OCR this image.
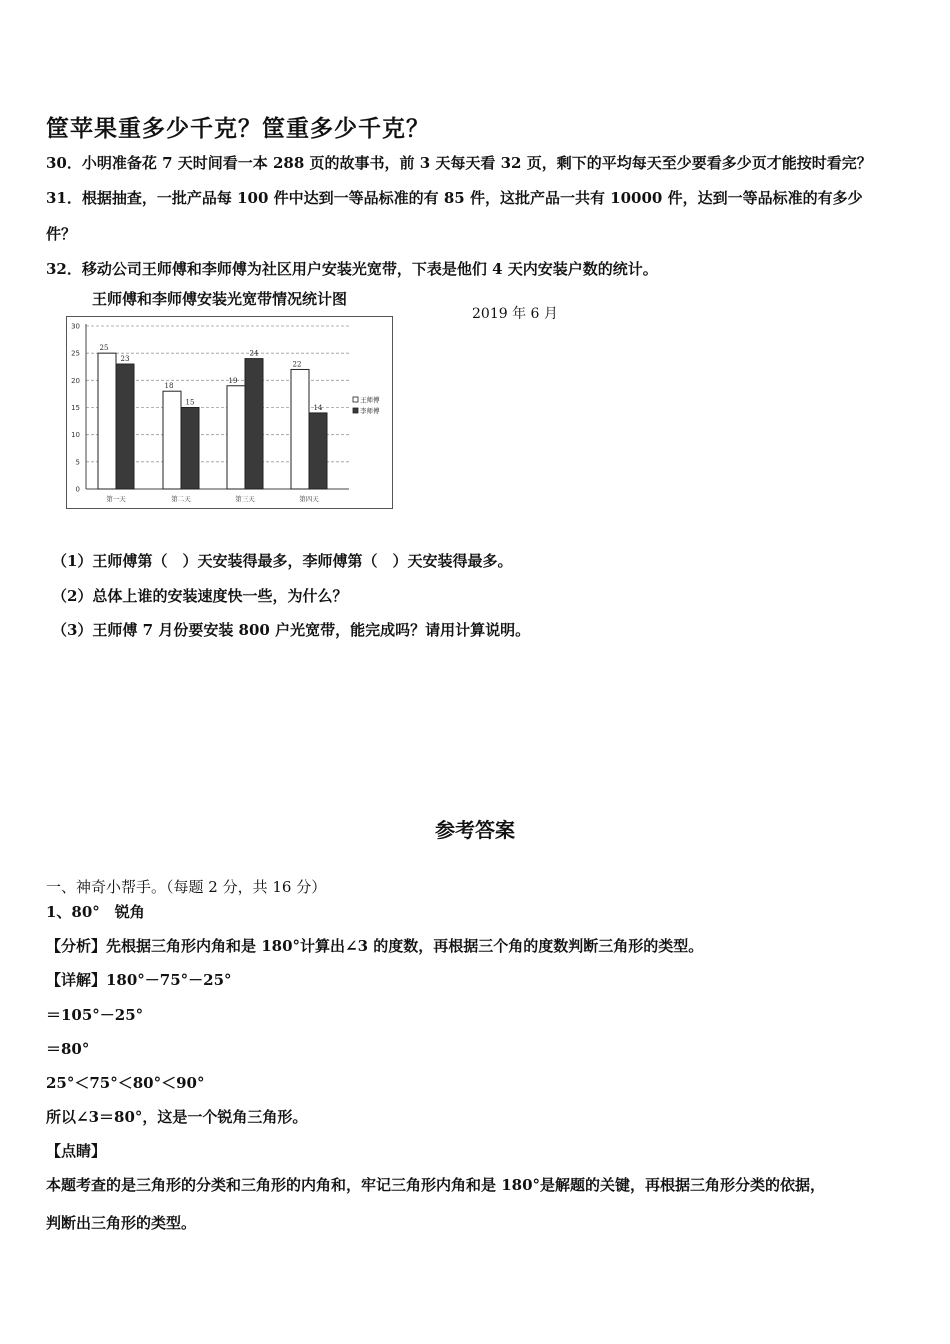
筐苹果重多少千克？筐重多少千克？
30．小明准备花 7 天时间看一本 288 页的故事书，前 3 天每天看 32 页，剩下的平均每天至少要看多少页才能按时看完？
31．根据抽查，一批产品每 100 件中达到一等品标准的有 85 件，这批产品一共有 10000 件，达到一等品标准的有多少
件？
32．移动公司王师傅和李师傅为社区用户安装光宽带，下表是他们 4 天内安装户数的统计。
王师傅和李师傅安装光宽带情况统计图
2019 年 6 月
0
5
10
15
20
25
30
25
23
第一天
18
15
第二天
19
24
第三天
22
14
第四天
王师傅
李师傅
（1）王师傅第（　）天安装得最多，李师傅第（　）天安装得最多。
（2）总体上谁的安装速度快一些，为什么？
（3）王师傅 7 月份要安装 800 户光宽带，能完成吗？请用计算说明。
参考答案
一、神奇小帮手。（每题 2 分，共 16 分）
1、80°　锐角
【分析】先根据三角形内角和是 180°计算出∠3 的度数，再根据三个角的度数判断三角形的类型。
【详解】180°－75°－25°
＝105°－25°
＝80°
25°＜75°＜80°＜90°
所以∠3＝80°，这是一个锐角三角形。
【点睛】
本题考查的是三角形的分类和三角形的内角和，牢记三角形内角和是 180°是解题的关键，再根据三角形分类的依据，
判断出三角形的类型。
